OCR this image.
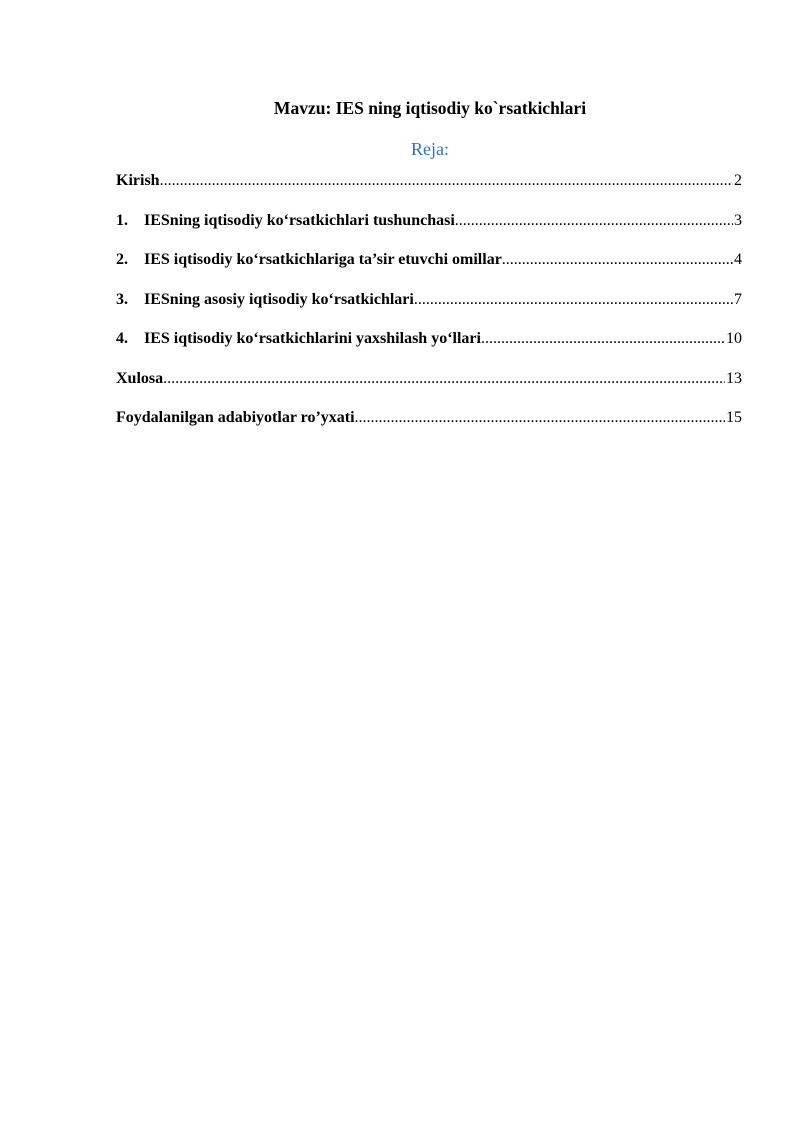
Mavzu: IES ning iqtisodiy ko`rsatkichlari
Reja:
Kirish .....	2
1.	IESning iqtisodiy ko‘rsatkichlari tushunchasi .....	3
2.	IES iqtisodiy ko‘rsatkichlariga ta’sir etuvchi omillar .....	4
3.	IESning asosiy iqtisodiy ko‘rsatkichlari .....	7
4.	IES iqtisodiy ko‘rsatkichlarini yaxshilash yo‘llari .....	10
Xulosa .....	13
Foydalanilgan adabiyotlar ro’yxati .....	15
